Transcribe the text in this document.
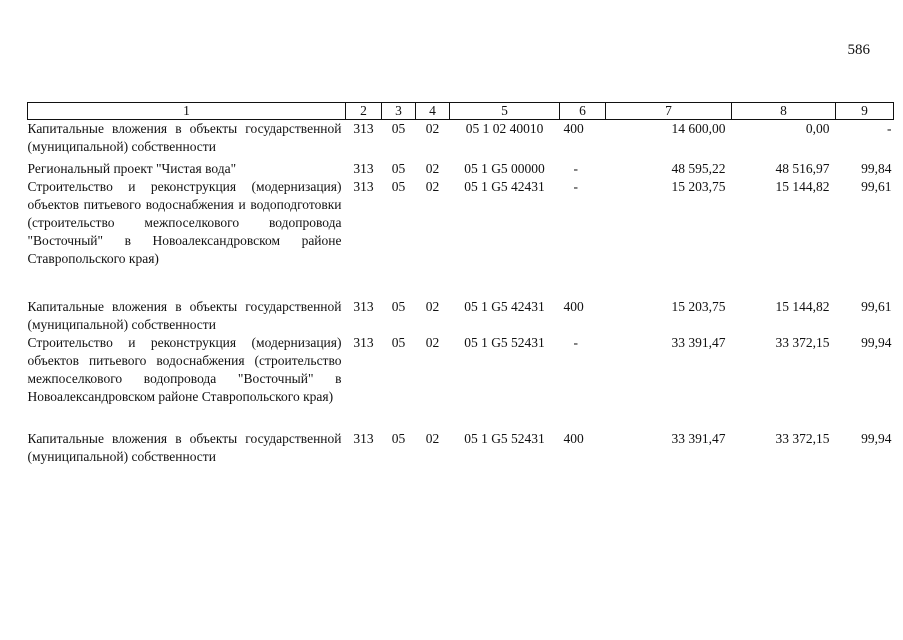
586
1	2	3	4	5	6	7	8	9
Капитальные вложения в объекты государственной (муниципальной) собственности	313	05	02	05 1 02 40010	400	14 600,00	0,00	-

Региональный проект "Чистая вода"	313	05	02	05 1 G5 00000	-	48 595,22	48 516,97	99,84
Строительство и реконструкция (модернизация) объектов питьевого водоснабжения и водоподготовки (строительство межпоселкового водопровода "Восточный" в Новоалександровском районе Ставропольского края)	313	05	02	05 1 G5 42431	-	15 203,75	15 144,82	99,61

Капитальные вложения в объекты государственной (муниципальной) собственности	313	05	02	05 1 G5 42431	400	15 203,75	15 144,82	99,61
Строительство и реконструкция (модернизация) объектов питьевого водоснабжения (строительство межпоселкового водопровода "Восточный" в Новоалександровском районе Ставропольского края)	313	05	02	05 1 G5 52431	-	33 391,47	33 372,15	99,94

Капитальные вложения в объекты государственной (муниципальной) собственности	313	05	02	05 1 G5 52431	400	33 391,47	33 372,15	99,94
